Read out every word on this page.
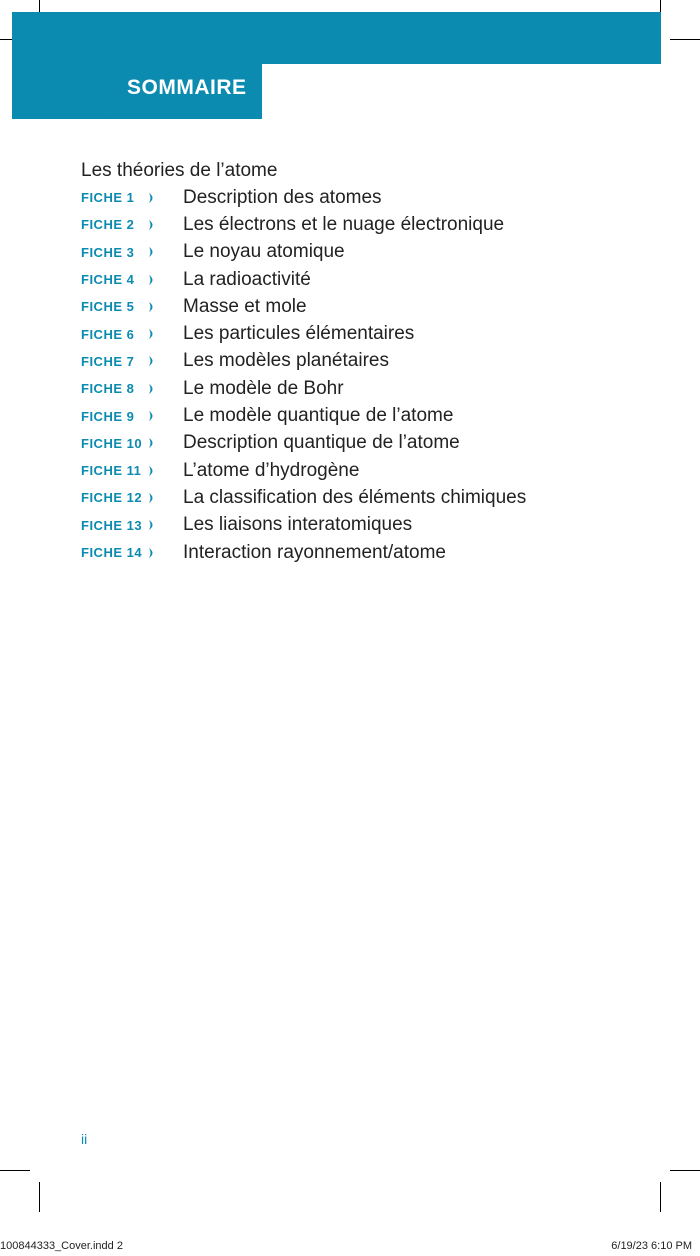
SOMMAIRE
Les théories de l’atome
FICHE 1	Description des atomes
FICHE 2	Les électrons et le nuage électronique
FICHE 3	Le noyau atomique
FICHE 4	La radioactivité
FICHE 5	Masse et mole
FICHE 6	Les particules élémentaires
FICHE 7	Les modèles planétaires
FICHE 8	Le modèle de Bohr
FICHE 9	Le modèle quantique de l’atome
FICHE 10	Description quantique de l’atome
FICHE 11	L’atome d’hydrogène
FICHE 12	La classification des éléments chimiques
FICHE 13	Les liaisons interatomiques
FICHE 14	Interaction rayonnement/atome
ii
100844333_Cover.indd 2	6/19/23 6:10 PM
